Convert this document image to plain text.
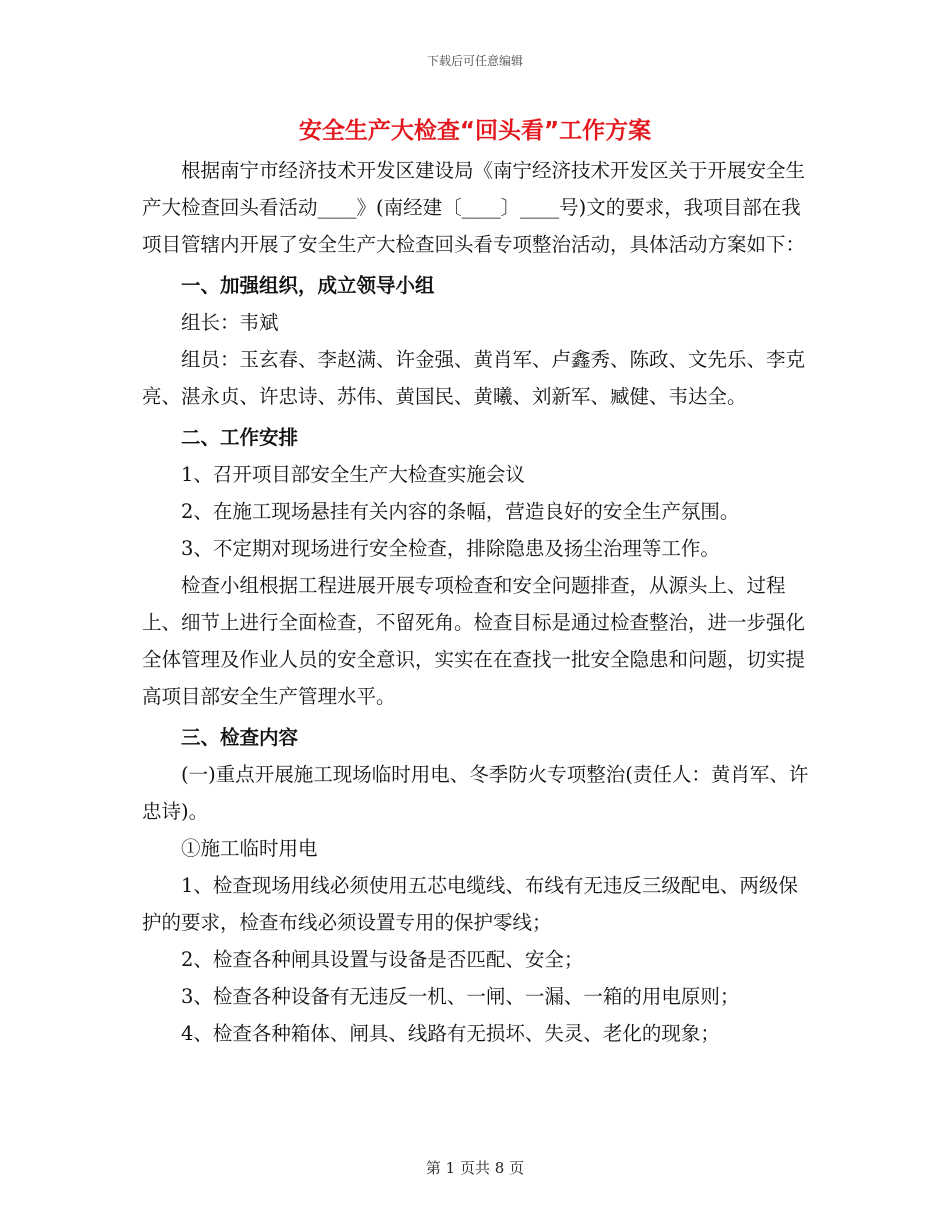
下载后可任意编辑
安全生产大检查“回头看”工作方案

根据南宁市经济技术开发区建设局《南宁经济技术开发区关于开展安全生产大检查回头看活动____》(南经建〔____〕____号)文的要求，我项目部在我项目管辖内开展了安全生产大检查回头看专项整治活动，具体活动方案如下：

一、加强组织，成立领导小组

组长：韦斌

组员：玉玄春、李赵满、许金强、黄肖军、卢鑫秀、陈政、文先乐、李克亮、湛永贞、许忠诗、苏伟、黄国民、黄曦、刘新军、臧健、韦达全。

二、工作安排

1、召开项目部安全生产大检查实施会议

2、在施工现场悬挂有关内容的条幅，营造良好的安全生产氛围。

3、不定期对现场进行安全检查，排除隐患及扬尘治理等工作。

检查小组根据工程进展开展专项检查和安全问题排查，从源头上、过程上、细节上进行全面检查，不留死角。检查目标是通过检查整治，进一步强化全体管理及作业人员的安全意识，实实在在查找一批安全隐患和问题，切实提高项目部安全生产管理水平。

三、检查内容

(一)重点开展施工现场临时用电、冬季防火专项整治(责任人：黄肖军、许忠诗)。

①施工临时用电

1、检查现场用线必须使用五芯电缆线、布线有无违反三级配电、两级保护的要求，检查布线必须设置专用的保护零线；

2、检查各种闸具设置与设备是否匹配、安全；

3、检查各种设备有无违反一机、一闸、一漏、一箱的用电原则；

4、检查各种箱体、闸具、线路有无损坏、失灵、老化的现象；

第 1 页共 8 页
